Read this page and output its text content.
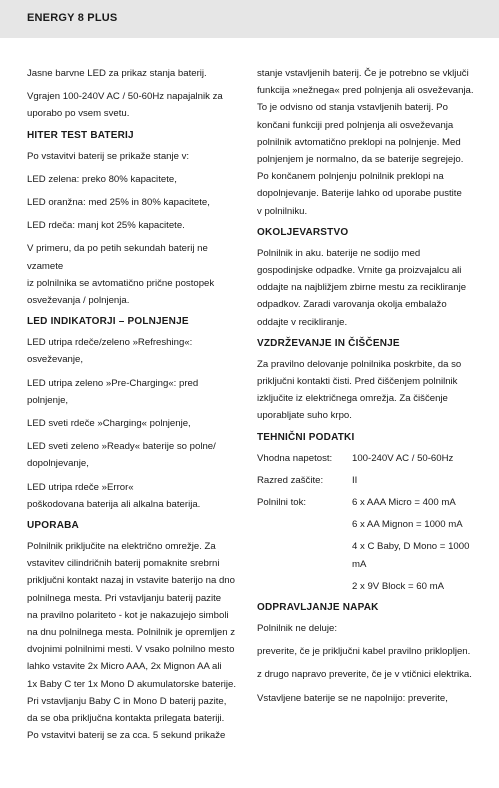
ENERGY 8 PLUS

Jasne barvne LED za prikaz stanja baterij.

Vgrajen 100-240V AC / 50-60Hz napajalnik za
uporabo po vsem svetu.

HITER TEST BATERIJ

Po vstavitvi baterij se prikaže stanje v:

LED zelena: preko 80% kapacitete,

LED oranžna: med 25% in 80% kapacitete,

LED rdeča: manj kot 25% kapacitete.

V primeru, da po petih sekundah baterij ne vzamete
iz polnilnika se avtomatično prične postopek
osveževanja / polnjenja.

LED INDIKATORJI – POLNJENJE

LED utripa rdeče/zeleno »Refreshing«: osveževanje,

LED utripa zeleno »Pre-Charging«: pred polnjenje,

LED sveti rdeče »Charging« polnjenje,

LED sveti zeleno »Ready« baterije so polne/
dopolnjevanje,

LED utripa rdeče »Error«
poškodovana baterija ali alkalna baterija.

UPORABA

Polnilnik priključite na električno omrežje. Za
vstavitev cilindričnih baterij pomaknite srebrni
priključni kontakt nazaj in vstavite baterijo na dno
polnilnega mesta. Pri vstavljanju baterij pazite
na pravilno polariteto - kot je nakazujejo simboli
na dnu polnilnega mesta. Polnilnik je opremljen z
dvojnimi polnilnimi mesti. V vsako polnilno mesto
lahko vstavite 2x Micro AAA, 2x Mignon AA ali
1x Baby C ter 1x Mono D akumulatorske baterije.
Pri vstavljanju Baby C in Mono D baterij pazite,
da se oba priključna kontakta prilegata bateriji.
Po vstavitvi baterij se za cca. 5 sekund prikaže

stanje vstavljenih baterij. Če je potrebno se vključi
funkcija »nežnega« pred polnjenja ali osveževanja.
To je odvisno od stanja vstavljenih baterij. Po
končani funkciji pred polnjenja ali osveževanja
polnilnik avtomatično preklopi na polnjenje. Med
polnjenjem je normalno, da se baterije segrejejo.
Po končanem polnjenju polnilnik preklopi na
dopolnjevanje. Baterije lahko od uporabe pustite
v polnilniku.

OKOLJEVARSTVO

Polnilnik in aku. baterije ne sodijo med
gospodinjske odpadke. Vrnite ga proizvajalcu ali
oddajte na najbližjem zbirne mestu za recikliranje
odpadkov. Zaradi varovanja okolja embalažo
oddajte v recikliranje.

VZDRŽEVANJE IN ČIŠČENJE

Za pravilno delovanje polnilnika poskrbite, da so
priključni kontakti čisti. Pred čiščenjem polnilnik
izključite iz električnega omrežja. Za čiščenje
uporabljate suho krpo.

TEHNIČNI PODATKI
Vhodna napetost:	100-240V AC / 50-60Hz
Razred zaščite:	II
Polnilni tok:	6 x AAA Micro = 400 mA
6 x AA Mignon = 1000 mA
4 x C Baby, D Mono = 1000 mA
2 x 9V Block = 60 mA
ODPRAVLJANJE NAPAK

Polnilnik ne deluje:

preverite, če je priključni kabel pravilno priklopljen.

z drugo napravo preverite, če je v vtičnici elektrika.

Vstavljene baterije se ne napolnijo: preverite,
